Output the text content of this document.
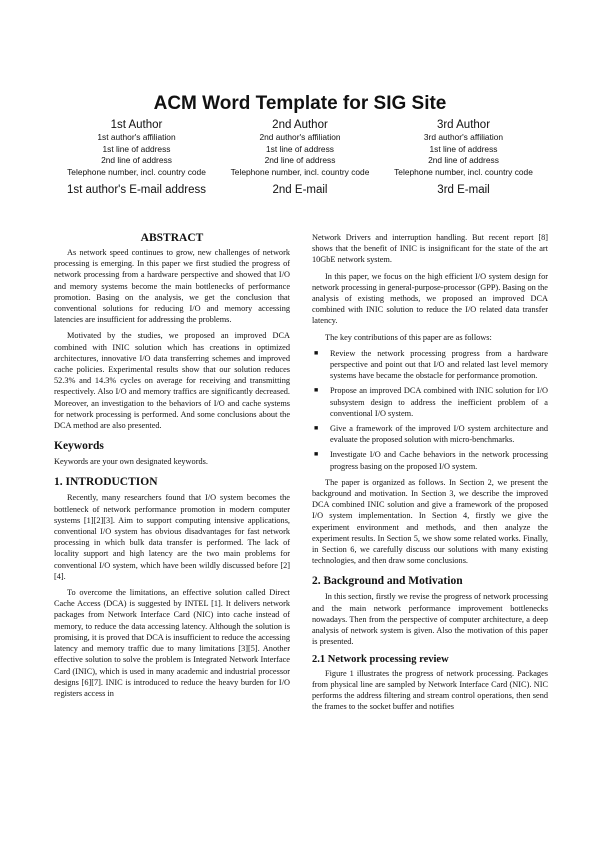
ACM Word Template for SIG Site
1st Author
1st author's affiliation
1st line of address
2nd line of address
Telephone number, incl. country code
1st author's E-mail address
2nd Author
2nd author's affiliation
1st line of address
2nd line of address
Telephone number, incl. country code
2nd E-mail
3rd Author
3rd author's affiliation
1st line of address
2nd line of address
Telephone number, incl. country code
3rd E-mail
ABSTRACT

As network speed continues to grow, new challenges of network processing is emerging. In this paper we first studied the progress of network processing from a hardware perspective and showed that I/O and memory systems become the main bottlenecks of performance promotion. Basing on the analysis, we get the conclusion that conventional solutions for reducing I/O and memory accessing latencies are insufficient for addressing the problems.

Motivated by the studies, we proposed an improved DCA combined with INIC solution which has creations in optimized architectures, innovative I/O data transferring schemes and improved cache policies. Experimental results show that our solution reduces 52.3% and 14.3% cycles on average for receiving and transmitting respectively. Also I/O and memory traffics are significantly decreased. Moreover, an investigation to the behaviors of I/O and cache systems for network processing is performed. And some conclusions about the DCA method are also presented.

Keywords

Keywords are your own designated keywords.

1. INTRODUCTION

Recently, many researchers found that I/O system becomes the bottleneck of network performance promotion in modern computer systems [1][2][3]. Aim to support computing intensive applications, conventional I/O system has obvious disadvantages for fast network processing in which bulk data transfer is performed. The lack of locality support and high latency are the two main problems for conventional I/O system, which have been wildly discussed before [2][4].

To overcome the limitations, an effective solution called Direct Cache Access (DCA) is suggested by INTEL [1]. It delivers network packages from Network Interface Card (NIC) into cache instead of memory, to reduce the data accessing latency. Although the solution is promising, it is proved that DCA is insufficient to reduce the accessing latency and memory traffic due to many limitations [3][5]. Another effective solution to solve the problem is Integrated Network Interface Card (INIC), which is used in many academic and industrial processor designs [6][7]. INIC is introduced to reduce the heavy burden for I/O registers access in

Network Drivers and interruption handling. But recent report [8] shows that the benefit of INIC is insignificant for the state of the art 10GbE network system.

In this paper, we focus on the high efficient I/O system design for network processing in general-purpose-processor (GPP). Basing on the analysis of existing methods, we proposed an improved DCA combined with INIC solution to reduce the I/O related data transfer latency.

The key contributions of this paper are as follows:

■ Review the network processing progress from a hardware perspective and point out that I/O and related last level memory systems have became the obstacle for performance promotion.
■ Propose an improved DCA combined with INIC solution for I/O subsystem design to address the inefficient problem of a conventional I/O system.
■ Give a framework of the improved I/O system architecture and evaluate the proposed solution with micro-benchmarks.
■ Investigate I/O and Cache behaviors in the network processing progress basing on the proposed I/O system.

The paper is organized as follows. In Section 2, we present the background and motivation. In Section 3, we describe the improved DCA combined INIC solution and give a framework of the proposed I/O system implementation. In Section 4, firstly we give the experiment environment and methods, and then analyze the experiment results. In Section 5, we show some related works. Finally, in Section 6, we carefully discuss our solutions with many existing technologies, and then draw some conclusions.

2. Background and Motivation

In this section, firstly we revise the progress of network processing and the main network performance improvement bottlenecks nowadays. Then from the perspective of computer architecture, a deep analysis of network system is given. Also the motivation of this paper is presented.

2.1 Network processing review

Figure 1 illustrates the progress of network processing. Packages from physical line are sampled by Network Interface Card (NIC). NIC performs the address filtering and stream control operations, then send the frames to the socket buffer and notifies
